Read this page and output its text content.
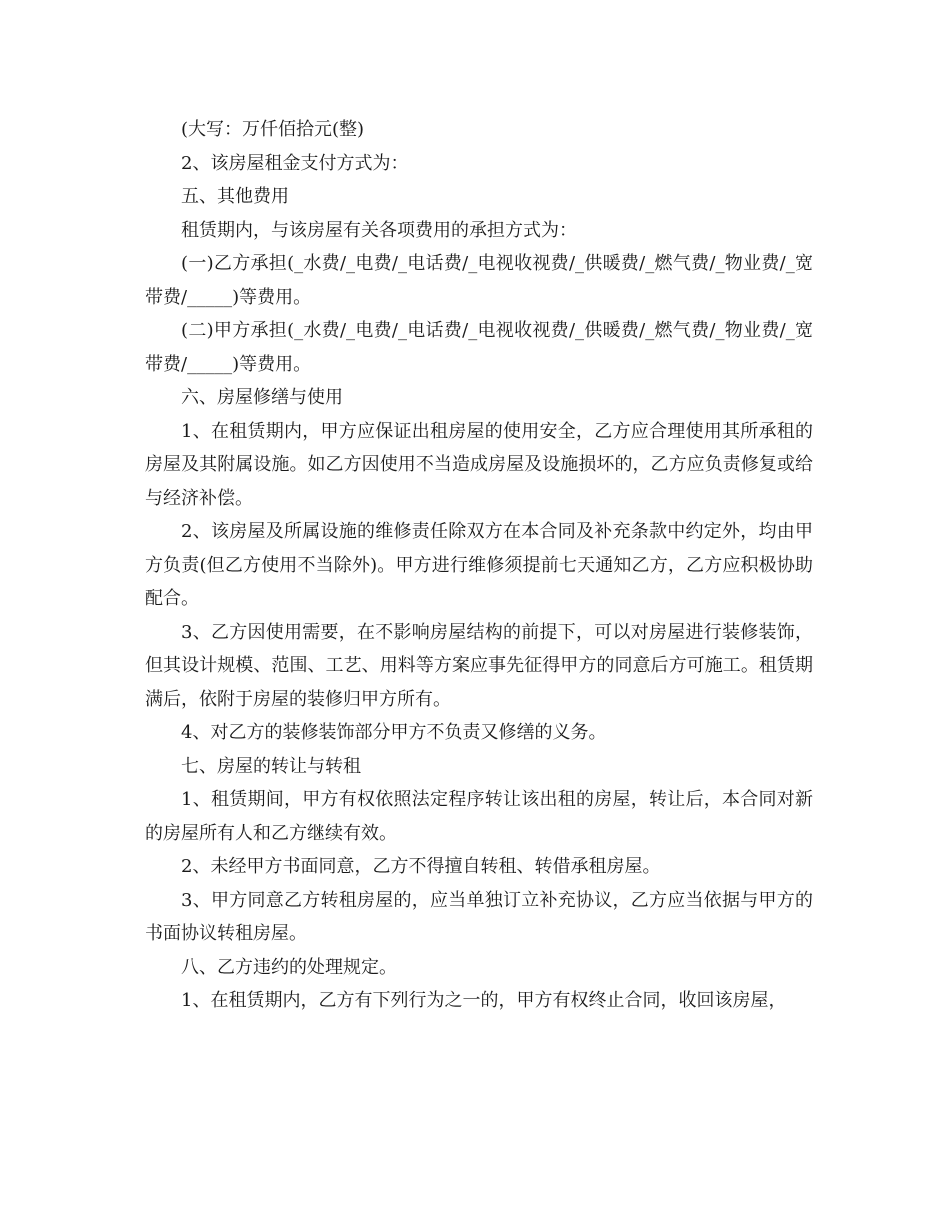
(大写：万仟佰拾元(整)

2、该房屋租金支付方式为：

五、其他费用

租赁期内，与该房屋有关各项费用的承担方式为：

(一)乙方承担(_水费/_电费/_电话费/_电视收视费/_供暖费/_燃气费/_物业费/_宽带费/_____)等费用。

(二)甲方承担(_水费/_电费/_电话费/_电视收视费/_供暖费/_燃气费/_物业费/_宽带费/_____)等费用。

六、房屋修缮与使用

1、在租赁期内，甲方应保证出租房屋的使用安全，乙方应合理使用其所承租的房屋及其附属设施。如乙方因使用不当造成房屋及设施损坏的，乙方应负责修复或给与经济补偿。

2、该房屋及所属设施的维修责任除双方在本合同及补充条款中约定外，均由甲方负责(但乙方使用不当除外)。甲方进行维修须提前七天通知乙方，乙方应积极协助配合。

3、乙方因使用需要，在不影响房屋结构的前提下，可以对房屋进行装修装饰，但其设计规模、范围、工艺、用料等方案应事先征得甲方的同意后方可施工。租赁期满后，依附于房屋的装修归甲方所有。

4、对乙方的装修装饰部分甲方不负责又修缮的义务。

七、房屋的转让与转租

1、租赁期间，甲方有权依照法定程序转让该出租的房屋，转让后，本合同对新的房屋所有人和乙方继续有效。

2、未经甲方书面同意，乙方不得擅自转租、转借承租房屋。

3、甲方同意乙方转租房屋的，应当单独订立补充协议，乙方应当依据与甲方的书面协议转租房屋。

八、乙方违约的处理规定。

1、在租赁期内，乙方有下列行为之一的，甲方有权终止合同，收回该房屋，
